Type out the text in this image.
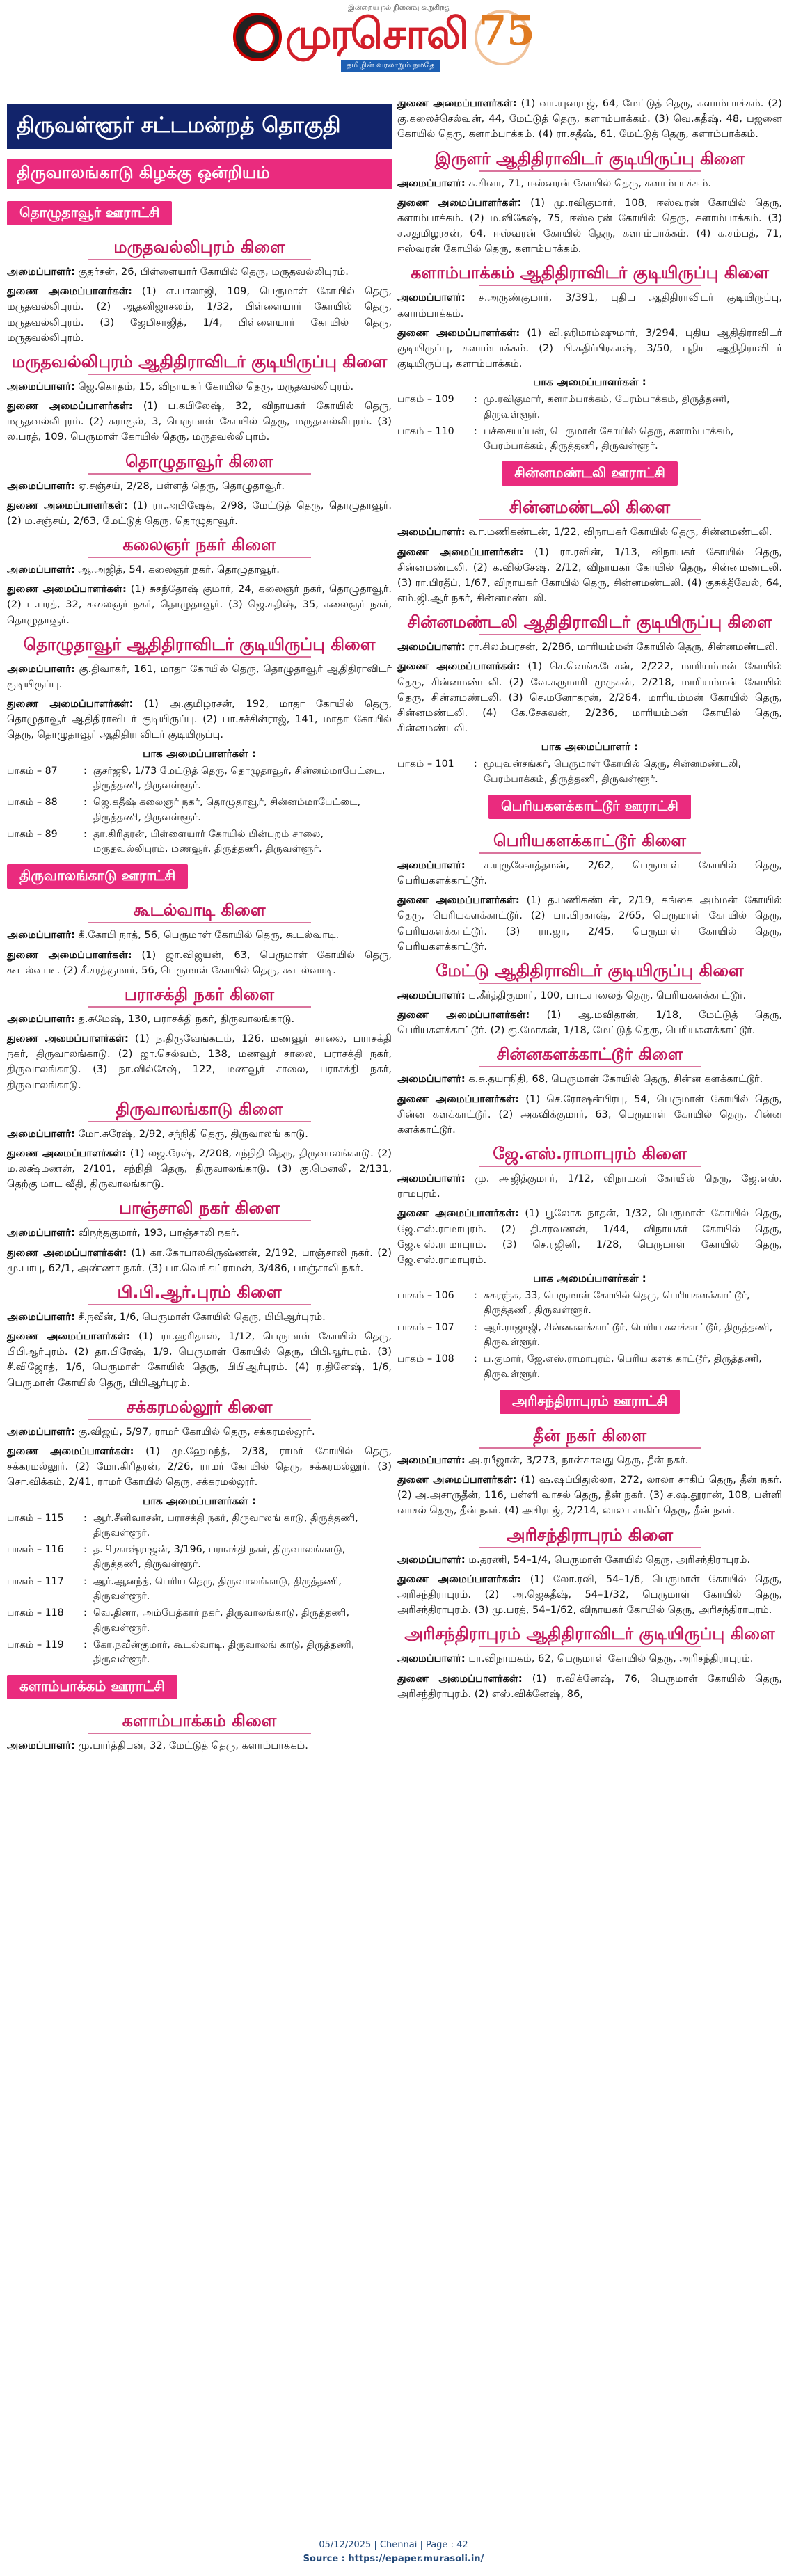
இன்றைய நல் நினைவு கூறுகிறது
முரசொலி
தமிழின் வரலாறும் நமதே
75
திருவள்ளூர் சட்டமன்றத் தொகுதி
திருவாலங்காடு கிழக்கு ஒன்றியம்
தொழுதாவூர் ஊராட்சி
மருதவல்லிபுரம் கிளை

அமைப்பாளர்: குதர்சன், 26, பிள்ளையார் கோயில் தெரு, மருதவல்லிபுரம்.

துணை அமைப்பாளர்கள்: (1) எ.பாலாஜி, 109, பெருமாள் கோயில் தெரு, மருதவல்லிபுரம். (2) ஆதனிஜாசலம், 1/32, பிள்ளையார் கோயில் தெரு, மருதவல்லிபுரம். (3) ஜேமிசாஜித், 1/4, பிள்ளையார் கோயில் தெரு, மருதவல்லிபுரம்.

மருதவல்லிபுரம் ஆதிதிராவிடர் குடியிருப்பு கிளை

அமைப்பாளர்: ஜெ.கொதம், 15, விநாயகர் கோயில் தெரு, மருதவல்லிபுரம்.

துணை அமைப்பாளர்கள்: (1) ப.கபிலேஷ், 32, விநாயகர் கோயில் தெரு, மருதவல்லிபுரம். (2) சுராகுல், 3, பெருமாள் கோயில் தெரு, மருதவல்லிபுரம். (3) ல.பரத், 109, பெருமாள் கோயில் தெரு, மருதவல்லிபுரம்.

தொழுதாவூர் கிளை

அமைப்பாளர்: ஏ.சஞ்சய், 2/28, பள்ளத் தெரு, தொழுதாவூர்.

துணை அமைப்பாளர்கள்: (1) ரா.அபிஷேக், 2/98, மேட்டுத் தெரு, தொழுதாவூர். (2) ம.சஞ்சய், 2/63, மேட்டுத் தெரு, தொழுதாவூர்.

கலைஞர் நகர் கிளை

அமைப்பாளர்: ஆ.அஜித், 54, கலைஞர் நகர், தொழுதாவூர்.

துணை அமைப்பாளர்கள்: (1) சுசந்தோஷ் குமார், 24, கலைஞர் நகர், தொழுதாவூர். (2) ப.பரத், 32, கலைஞர் நகர், தொழுதாவூர். (3) ஜெ.கதிஷ், 35, கலைஞர் நகர், தொழுதாவூர்.

தொழுதாவூர் ஆதிதிராவிடர் குடியிருப்பு கிளை

அமைப்பாளர்: கு.திவாகர், 161, மாதா கோயில் தெரு, தொழுதாவூர் ஆதிதிராவிடர் குடியிருப்பு.

துணை அமைப்பாளர்கள்: (1) அ.குமிழரசன், 192, மாதா கோயில் தெரு, தொழுதாவூர் ஆதிதிராவிடர் குடியிருப்பு. (2) பா.சச்சின்ராஜ், 141, மாதா கோயில் தெரு, தொழுதாவூர் ஆதிதிராவிடர் குடியிருப்பு.

பாக அமைப்பாளர்கள் :
பாகம் – 87	: குசர்ஜூ, 1/73 மேட்டுத் தெரு, தொழுதாவூர், சின்னம்மாபேட்டை, திருத்தணி, திருவள்ளூர்.
பாகம் – 88	: ஜெ.கதீஷ் கலைஞர் நகர், தொழுதாவூர், சின்னம்மாபேட்டை, திருத்தணி, திருவள்ளூர்.
பாகம் – 89	: தா.கிரிதரன், பிள்ளையார் கோயில் பின்புறம் சாலை, மருதவல்லிபுரம், மணவூர், திருத்தணி, திருவள்ளூர்.
திருவாலங்காடு ஊராட்சி
கூடல்வாடி கிளை

அமைப்பாளர்: கீ.கோபி நாத், 56, பெருமாள் கோயில் தெரு, கூடல்வாடி.

துணை அமைப்பாளர்கள்: (1) ஜா.விஜயன், 63, பெருமாள் கோயில் தெரு, கூடல்வாடி. (2) சீ.சரத்குமார், 56, பெருமாள் கோயில் தெரு, கூடல்வாடி.

பராசக்தி நகர் கிளை

அமைப்பாளர்: த.சுமேஷ், 130, பராசக்தி நகர், திருவாலங்காடு.

துணை அமைப்பாளர்கள்: (1) ந.திருவேங்கடம், 126, மணவூர் சாலை, பராசக்தி நகர், திருவாலங்காடு. (2) ஜா.செல்வம், 138, மணவூர் சாலை, பராசக்தி நகர், திருவாலங்காடு. (3) நா.வில்சேஷ், 122, மணவூர் சாலை, பராசக்தி நகர், திருவாலங்காடு.

திருவாலங்காடு கிளை

அமைப்பாளர்: மோ.சுரேஷ், 2/92, சந்நிதி தெரு, திருவாலங் காடு.

துணை அமைப்பாளர்கள்: (1) லஜ.ரேஷ், 2/208, சந்நிதி தெரு, திருவாலங்காடு. (2) ம.லக்ஷ்மணன், 2/101, சந்நிதி தெரு, திருவாலங்காடு. (3) கு.மெனலி, 2/131, தெற்கு மாட வீதி, திருவாலங்காடு.

பாஞ்சாலி நகர் கிளை

அமைப்பாளர்: விநந்தகுமார், 193, பாஞ்சாலி நகர்.

துணை அமைப்பாளர்கள்: (1) கா.கோபாலகிருஷ்ணன், 2/192, பாஞ்சாலி நகர். (2) மு.பாபு, 62/1, அண்ணா நகர். (3) பா.வெங்கட்ராமன், 3/486, பாஞ்சாலி நகர்.

பி.பி.ஆர்.புரம் கிளை

அமைப்பாளர்: சீ.நவீன், 1/6, பெருமாள் கோயில் தெரு, பிபிஆர்புரம்.

துணை அமைப்பாளர்கள்: (1) ரா.ஹரிதாஸ், 1/12, பெருமாள் கோயில் தெரு, பிபிஆர்புரம். (2) தா.பிரேஷ், 1/9, பெருமாள் கோயில் தெரு, பிபிஆர்புரம். (3) சீ.விஜோத், 1/6, பெருமாள் கோயில் தெரு, பிபிஆர்புரம். (4) ர.தினேஷ், 1/6, பெருமாள் கோயில் தெரு, பிபிஆர்புரம்.

சக்கரமல்லூர் கிளை

அமைப்பாளர்: கு.விஜய், 5/97, ராமர் கோயில் தெரு, சக்கரமல்லூர்.

துணை அமைப்பாளர்கள்: (1) மு.ஹேமந்த், 2/38, ராமர் கோயில் தெரு, சக்கரமல்லூர். (2) மோ.கிரிதரன், 2/26, ராமர் கோயில் தெரு, சக்கரமல்லூர். (3) சொ.விக்கம், 2/41, ராமர் கோயில் தெரு, சக்கரமல்லூர்.

பாக அமைப்பாளர்கள் :
பாகம் – 115	: ஆர்.சீனிவாசன், பராசக்தி நகர், திருவாலங் காடு, திருத்தணி, திருவள்ளூர்.
பாகம் – 116	: த.பிரகாஷ்ராஜன், 3/196, பராசக்தி நகர், திருவாலங்காடு, திருத்தணி, திருவள்ளூர்.
பாகம் – 117	: ஆர்.ஆனந்த், பெரிய தெரு, திருவாலங்காடு, திருத்தணி, திருவள்ளூர்.
பாகம் – 118	: வெ.தினா, அம்பேத்கார் நகர், திருவாலங்காடு, திருத்தணி, திருவள்ளூர்.
பாகம் – 119	: கோ.நவீன்குமார், கூடல்வாடி, திருவாலங் காடு, திருத்தணி, திருவள்ளூர்.
களாம்பாக்கம் ஊராட்சி
களாம்பாக்கம் கிளை

அமைப்பாளர்: மு.பார்த்திபன், 32, மேட்டுத் தெரு, களாம்பாக்கம்.

துணை அமைப்பாளர்கள்: (1) வா.யுவராஜ், 64, மேட்டுத் தெரு, களாம்பாக்கம். (2) கு.கலைச்செல்வன், 44, மேட்டுத் தெரு, களாம்பாக்கம். (3) வெ.கதீஷ், 48, பஜனை கோயில் தெரு, களாம்பாக்கம். (4) ரா.சதீஷ், 61, மேட்டுத் தெரு, களாம்பாக்கம்.

இருளர் ஆதிதிராவிடர் குடியிருப்பு கிளை

அமைப்பாளர்: சு.சிவா, 71, ஈஸ்வரன் கோயில் தெரு, களாம்பாக்கம்.

துணை அமைப்பாளர்கள்: (1) மு.ரவிகுமார், 108, ஈஸ்வரன் கோயில் தெரு, களாம்பாக்கம். (2) ம.விகேஷ், 75, ஈஸ்வரன் கோயில் தெரு, களாம்பாக்கம். (3) ச.சதுமிழரசன், 64, ஈஸ்வரன் கோயில் தெரு, களாம்பாக்கம். (4) க.சம்பத், 71, ஈஸ்வரன் கோயில் தெரு, களாம்பாக்கம்.

களாம்பாக்கம் ஆதிதிராவிடர் குடியிருப்பு கிளை

அமைப்பாளர்: ச.அருண்குமார், 3/391, புதிய ஆதிதிராவிடர் குடியிருப்பு, களாம்பாக்கம்.

துணை அமைப்பாளர்கள்: (1) வி.ஹிமாம்ஷுமார், 3/294, புதிய ஆதிதிராவிடர் குடியிருப்பு, களாம்பாக்கம். (2) பி.சுதிர்பிரகாஷ், 3/50, புதிய ஆதிதிராவிடர் குடியிருப்பு, களாம்பாக்கம்.

பாக அமைப்பாளர்கள் :
பாகம் – 109	: மு.ரவிகுமார், களாம்பாக்கம், பேரம்பாக்கம், திருத்தணி, திருவள்ளூர்.
பாகம் – 110	: பச்சையப்பன், பெருமாள் கோயில் தெரு, களாம்பாக்கம், பேரம்பாக்கம், திருத்தணி, திருவள்ளூர்.
சின்னமண்டலி ஊராட்சி
சின்னமண்டலி கிளை

அமைப்பாளர்: வா.மணிகண்டன், 1/22, விநாயகர் கோயில் தெரு, சின்னமண்டலி.

துணை அமைப்பாளர்கள்: (1) ரா.ரவின், 1/13, விநாயகர் கோயில் தெரு, சின்னமண்டலி. (2) க.வில்சேஷ், 2/12, விநாயகர் கோயில் தெரு, சின்னமண்டலி. (3) ரா.பிரதீப், 1/67, விநாயகர் கோயில் தெரு, சின்னமண்டலி. (4) குசுக்தீவேல், 64, எம்.ஜி.ஆர் நகர், சின்னமண்டலி.

சின்னமண்டலி ஆதிதிராவிடர் குடியிருப்பு கிளை

அமைப்பாளர்: ரா.சிலம்பரசன், 2/286, மாரியம்மன் கோயில் தெரு, சின்னமண்டலி.

துணை அமைப்பாளர்கள்: (1) செ.வெங்கடேசன், 2/222, மாரியம்மன் கோயில் தெரு, சின்னமண்டலி. (2) வே.கருமாரி முருகன், 2/218, மாரியம்மன் கோயில் தெரு, சின்னமண்டலி. (3) செ.மனோகரன், 2/264, மாரியம்மன் கோயில் தெரு, சின்னமண்டலி. (4) கே.சேகவன், 2/236, மாரியம்மன் கோயில் தெரு, சின்னமண்டலி.

பாக அமைப்பாளர் :
பாகம் – 101	: மூயுவன்சங்கர், பெருமாள் கோயில் தெரு, சின்னமண்டலி, பேரம்பாக்கம், திருத்தணி, திருவள்ளூர்.
பெரியகளக்காட்டூர் ஊராட்சி
பெரியகளக்காட்டூர் கிளை

அமைப்பாளர்: ச.யுருஷோத்தமன், 2/62, பெருமாள் கோயில் தெரு, பெரியகளக்காட்டூர்.

துணை அமைப்பாளர்கள்: (1) த.மணிகண்டன், 2/19, கங்கை அம்மன் கோயில் தெரு, பெரியகளக்காட்டூர். (2) பா.பிரகாஷ், 2/65, பெருமாள் கோயில் தெரு, பெரியகளக்காட்டூர். (3) ரா.ஜா, 2/45, பெருமாள் கோயில் தெரு, பெரியகளக்காட்டூர்.

மேட்டு ஆதிதிராவிடர் குடியிருப்பு கிளை

அமைப்பாளர்: ப.கீர்த்திகுமார், 100, பாடசாலைத் தெரு, பெரியகளக்காட்டூர்.

துணை அமைப்பாளர்கள்: (1) ஆ.மவிதரன், 1/18, மேட்டுத் தெரு, பெரியகளக்காட்டூர். (2) கு.மோகன், 1/18, மேட்டுத் தெரு, பெரியகளக்காட்டூர்.

சின்னகளக்காட்டூர் கிளை

அமைப்பாளர்: க.சு.தயாநிதி, 68, பெருமாள் கோயில் தெரு, சின்ன களக்காட்டூர்.

துணை அமைப்பாளர்கள்: (1) செ.ரோஷன்பிரபு, 54, பெருமாள் கோயில் தெரு, சின்ன களக்காட்டூர். (2) அகவிக்குமார், 63, பெருமாள் கோயில் தெரு, சின்ன களக்காட்டூர்.

ஜே.எஸ்.ராமாபுரம் கிளை

அமைப்பாளர்: மு. அஜித்குமார், 1/12, விநாயகர் கோயில் தெரு, ஜே.எஸ். ராமபுரம்.

துணை அமைப்பாளர்கள்: (1) பூலோக நாதன், 1/32, பெருமாள் கோயில் தெரு, ஜே.எஸ்.ராமாபுரம். (2) தி.சரவணன், 1/44, விநாயகர் கோயில் தெரு, ஜே.எஸ்.ராமாபுரம். (3) செ.ரஜினி, 1/28, பெருமாள் கோயில் தெரு, ஜே.எஸ்.ராமாபுரம்.

பாக அமைப்பாளர்கள் :
பாகம் – 106	: சுசுரஞ்சு, 33, பெருமாள் கோயில் தெரு, பெரியகளக்காட்டூர், திருத்தணி, திருவள்ளூர்.
பாகம் – 107	: ஆர்.ராஜாஜி, சின்னகளக்காட்டூர், பெரிய களக்காட்டூர், திருத்தணி, திருவள்ளூர்.
பாகம் – 108	: ப.குமார், ஜே.எஸ்.ராமாபுரம், பெரிய களக் காட்டூர், திருத்தணி, திருவள்ளூர்.
அரிசந்திராபுரம் ஊராட்சி
தீன் நகர் கிளை

அமைப்பாளர்: அ.ரபீஜான், 3/273, நான்காவது தெரு, தீன் நகர்.

துணை அமைப்பாளர்கள்: (1) ஷ.ஷப்பிதுல்லா, 272, லாலா சாகிப் தெரு, தீன் நகர். (2) அ.அசாருதீன், 116, பள்ளி வாசல் தெரு, தீன் நகர். (3) ச.ஷ.தூரான், 108, பள்ளி வாசல் தெரு, தீன் நகர். (4) அசிராஜ், 2/214, லாலா சாகிப் தெரு, தீன் நகர்.

அரிசந்திராபுரம் கிளை

அமைப்பாளர்: ம.தரணி, 54–1/4, பெருமாள் கோயில் தெரு, அரிசந்திராபுரம்.

துணை அமைப்பாளர்கள்: (1) லோ.ரவி, 54–1/6, பெருமாள் கோயில் தெரு, அரிசந்திராபுரம். (2) அ.ஜெகதீஷ், 54–1/32, பெருமாள் கோயில் தெரு, அரிசந்திராபுரம். (3) மு.பரத், 54–1/62, விநாயகர் கோயில் தெரு, அரிசந்திராபுரம்.

அரிசந்திராபுரம் ஆதிதிராவிடர் குடியிருப்பு கிளை

அமைப்பாளர்: பா.விநாயகம், 62, பெருமாள் கோயில் தெரு, அரிசந்திராபுரம்.

துணை அமைப்பாளர்கள்: (1) ர.விக்னேஷ், 76, பெருமாள் கோயில் தெரு, அரிசந்திராபுரம். (2) எஸ்.விக்னேஷ், 86,

05/12/2025 | Chennai | Page : 42
Source : https://epaper.murasoli.in/
